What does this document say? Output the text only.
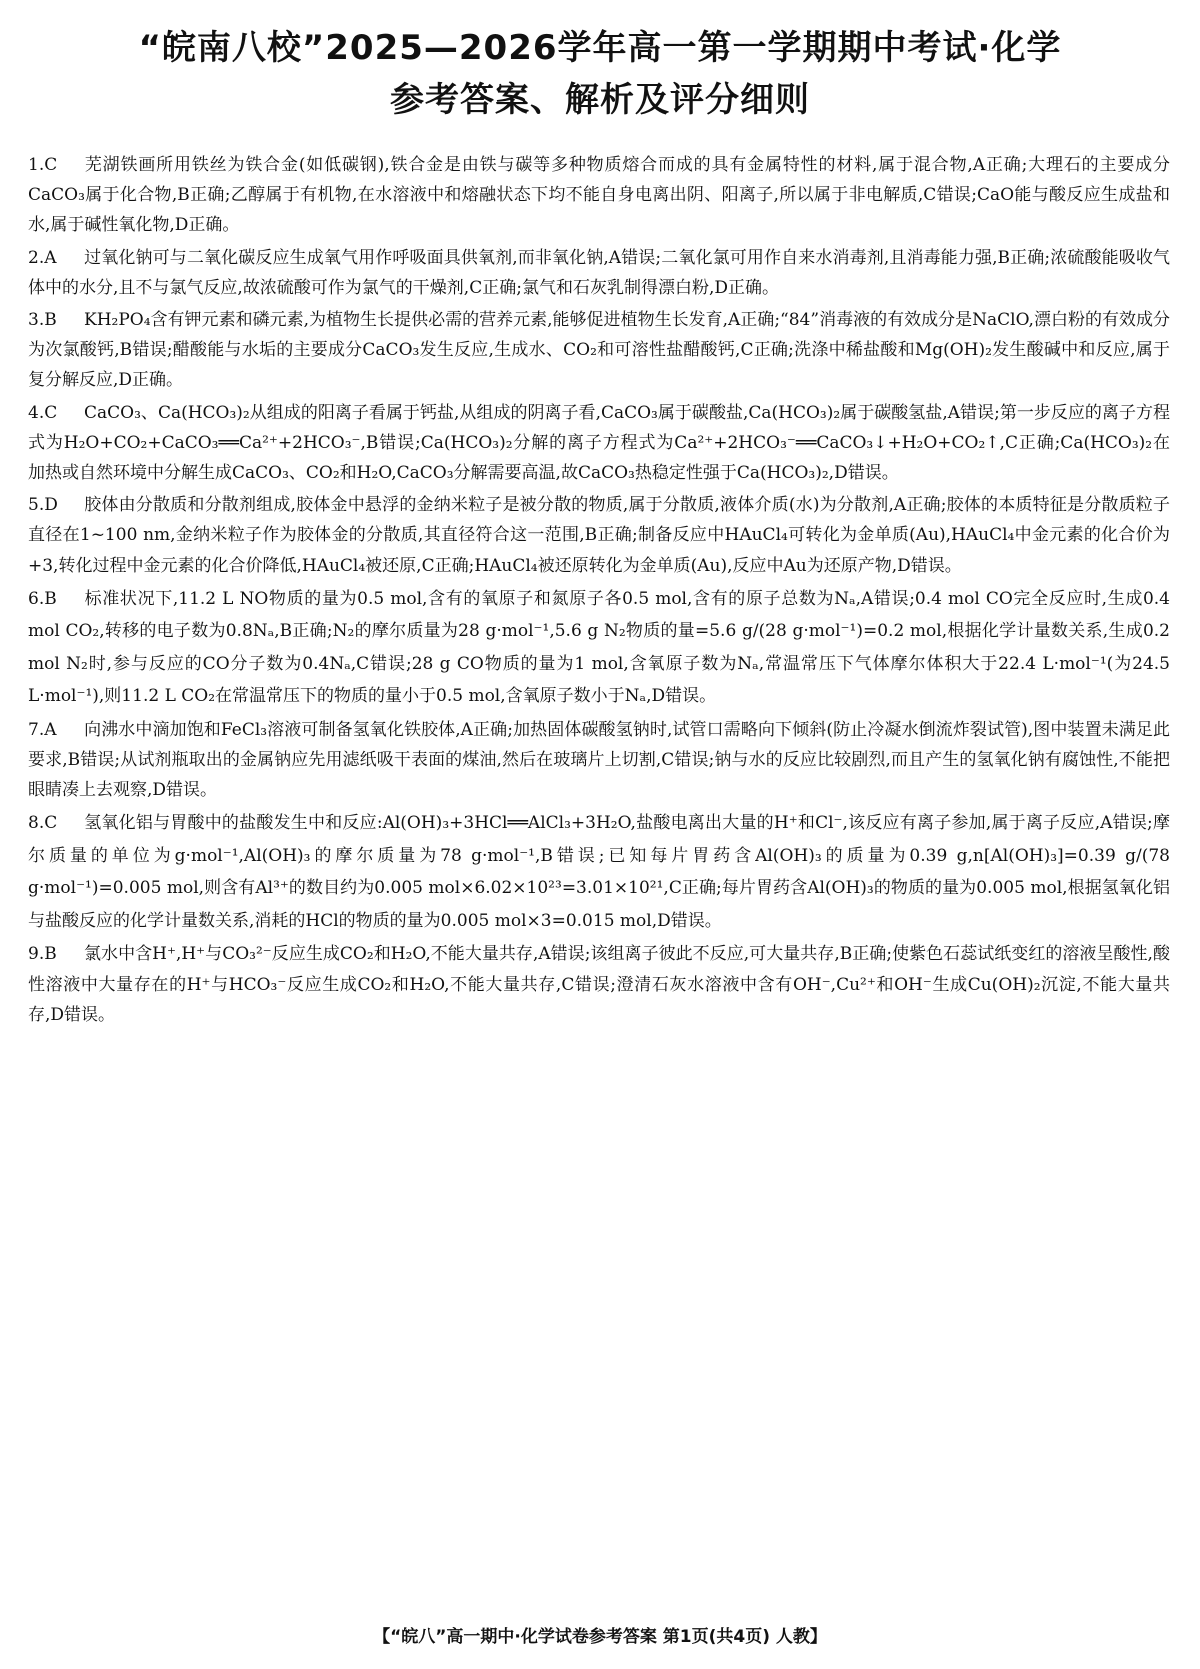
“皖南八校”2025—2026学年高一第一学期期中考试·化学
参考答案、解析及评分细则
1.C 芜湖铁画所用铁丝为铁合金(如低碳钢),铁合金是由铁与碳等多种物质熔合而成的具有金属特性的材料,属于混合物,A正确;大理石的主要成分CaCO₃属于化合物,B正确;乙醇属于有机物,在水溶液中和熔融状态下均不能自身电离出阴、阳离子,所以属于非电解质,C错误;CaO能与酸反应生成盐和水,属于碱性氧化物,D正确。
2.A 过氧化钠可与二氧化碳反应生成氧气用作呼吸面具供氧剂,而非氧化钠,A错误;二氧化氯可用作自来水消毒剂,且消毒能力强,B正确;浓硫酸能吸收气体中的水分,且不与氯气反应,故浓硫酸可作为氯气的干燥剂,C正确;氯气和石灰乳制得漂白粉,D正确。
3.B KH₂PO₄含有钾元素和磷元素,为植物生长提供必需的营养元素,能够促进植物生长发育,A正确;“84”消毒液的有效成分是NaClO,漂白粉的有效成分为次氯酸钙,B错误;醋酸能与水垢的主要成分CaCO₃发生反应,生成水、CO₂和可溶性盐醋酸钙,C正确;洗涤中稀盐酸和Mg(OH)₂发生酸碱中和反应,属于复分解反应,D正确。
4.C CaCO₃、Ca(HCO₃)₂从组成的阳离子看属于钙盐,从组成的阴离子看,CaCO₃属于碳酸盐,Ca(HCO₃)₂属于碳酸氢盐,A错误;第一步反应的离子方程式为H₂O+CO₂+CaCO₃══Ca²⁺+2HCO₃⁻,B错误;Ca(HCO₃)₂分解的离子方程式为Ca²⁺+2HCO₃⁻══CaCO₃↓+H₂O+CO₂↑,C正确;Ca(HCO₃)₂在加热或自然环境中分解生成CaCO₃、CO₂和H₂O,CaCO₃分解需要高温,故CaCO₃热稳定性强于Ca(HCO₃)₂,D错误。
5.D 胶体由分散质和分散剂组成,胶体金中悬浮的金纳米粒子是被分散的物质,属于分散质,液体介质(水)为分散剂,A正确;胶体的本质特征是分散质粒子直径在1~100 nm,金纳米粒子作为胶体金的分散质,其直径符合这一范围,B正确;制备反应中HAuCl₄可转化为金单质(Au),HAuCl₄中金元素的化合价为+3,转化过程中金元素的化合价降低,HAuCl₄被还原,C正确;HAuCl₄被还原转化为金单质(Au),反应中Au为还原产物,D错误。
6.B 标准状况下,11.2 L NO物质的量为0.5 mol,含有的氧原子和氮原子各0.5 mol,含有的原子总数为Nₐ,A错误;0.4 mol CO完全反应时,生成0.4 mol CO₂,转移的电子数为0.8Nₐ,B正确;N₂的摩尔质量为28 g·mol⁻¹,5.6 g N₂物质的量=5.6 g/(28 g·mol⁻¹)=0.2 mol,根据化学计量数关系,生成0.2 mol N₂时,参与反应的CO分子数为0.4Nₐ,C错误;28 g CO物质的量为1 mol,含氧原子数为Nₐ,常温常压下气体摩尔体积大于22.4 L·mol⁻¹(为24.5 L·mol⁻¹),则11.2 L CO₂在常温常压下的物质的量小于0.5 mol,含氧原子数小于Nₐ,D错误。
7.A 向沸水中滴加饱和FeCl₃溶液可制备氢氧化铁胶体,A正确;加热固体碳酸氢钠时,试管口需略向下倾斜(防止冷凝水倒流炸裂试管),图中装置未满足此要求,B错误;从试剂瓶取出的金属钠应先用滤纸吸干表面的煤油,然后在玻璃片上切割,C错误;钠与水的反应比较剧烈,而且产生的氢氧化钠有腐蚀性,不能把眼睛凑上去观察,D错误。
8.C 氢氧化铝与胃酸中的盐酸发生中和反应:Al(OH)₃+3HCl══AlCl₃+3H₂O,盐酸电离出大量的H⁺和Cl⁻,该反应有离子参加,属于离子反应,A错误;摩尔质量的单位为g·mol⁻¹,Al(OH)₃的摩尔质量为78 g·mol⁻¹,B错误;已知每片胃药含Al(OH)₃的质量为0.39 g,n[Al(OH)₃]=0.39 g/(78 g·mol⁻¹)=0.005 mol,则含有Al³⁺的数目约为0.005 mol×6.02×10²³=3.01×10²¹,C正确;每片胃药含Al(OH)₃的物质的量为0.005 mol,根据氢氧化铝与盐酸反应的化学计量数关系,消耗的HCl的物质的量为0.005 mol×3=0.015 mol,D错误。
9.B 氯水中含H⁺,H⁺与CO₃²⁻反应生成CO₂和H₂O,不能大量共存,A错误;该组离子彼此不反应,可大量共存,B正确;使紫色石蕊试纸变红的溶液呈酸性,酸性溶液中大量存在的H⁺与HCO₃⁻反应生成CO₂和H₂O,不能大量共存,C错误;澄清石灰水溶液中含有OH⁻,Cu²⁺和OH⁻生成Cu(OH)₂沉淀,不能大量共存,D错误。
【“皖八”高一期中·化学试卷参考答案 第1页(共4页) 人教】
